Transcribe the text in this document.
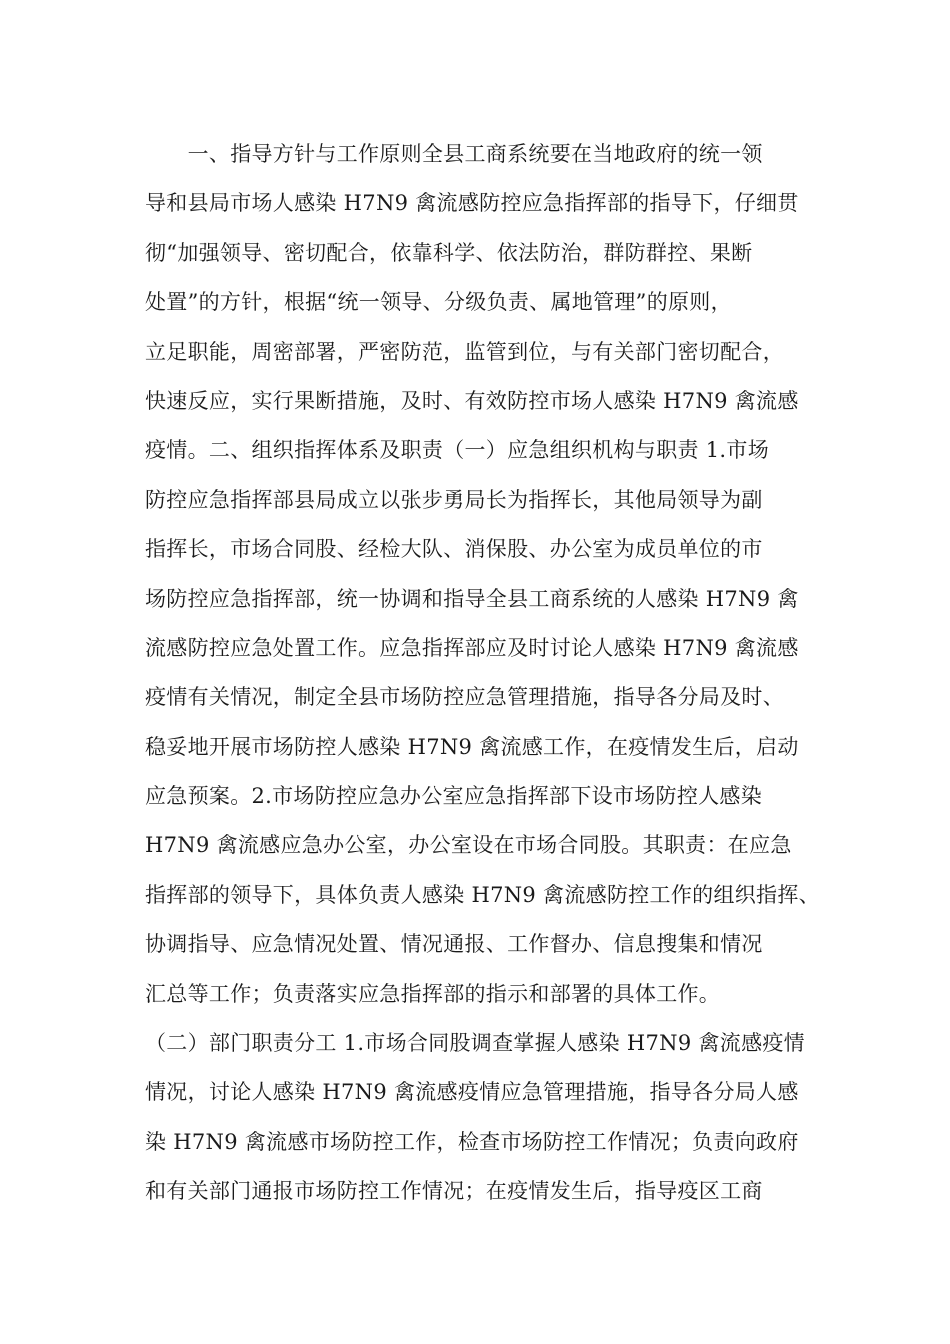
　　一、指导方针与工作原则全县工商系统要在当地政府的统一领
导和县局市场人感染 H7N9 禽流感防控应急指挥部的指导下，仔细贯
彻“加强领导、密切配合，依靠科学、依法防治，群防群控、果断
处置”的方针，根据“统一领导、分级负责、属地管理”的原则，
立足职能，周密部署，严密防范，监管到位，与有关部门密切配合，
快速反应，实行果断措施，及时、有效防控市场人感染 H7N9 禽流感
疫情。二、组织指挥体系及职责（一）应急组织机构与职责 1.市场
防控应急指挥部县局成立以张步勇局长为指挥长，其他局领导为副
指挥长，市场合同股、经检大队、消保股、办公室为成员单位的市
场防控应急指挥部，统一协调和指导全县工商系统的人感染 H7N9 禽
流感防控应急处置工作。应急指挥部应及时讨论人感染 H7N9 禽流感
疫情有关情况，制定全县市场防控应急管理措施，指导各分局及时、
稳妥地开展市场防控人感染 H7N9 禽流感工作，在疫情发生后，启动
应急预案。2.市场防控应急办公室应急指挥部下设市场防控人感染
H7N9 禽流感应急办公室，办公室设在市场合同股。其职责：在应急
指挥部的领导下，具体负责人感染 H7N9 禽流感防控工作的组织指挥、
协调指导、应急情况处置、情况通报、工作督办、信息搜集和情况
汇总等工作；负责落实应急指挥部的指示和部署的具体工作。
（二）部门职责分工 1.市场合同股调查掌握人感染 H7N9 禽流感疫情
情况，讨论人感染 H7N9 禽流感疫情应急管理措施，指导各分局人感
染 H7N9 禽流感市场防控工作，检查市场防控工作情况；负责向政府
和有关部门通报市场防控工作情况；在疫情发生后，指导疫区工商
